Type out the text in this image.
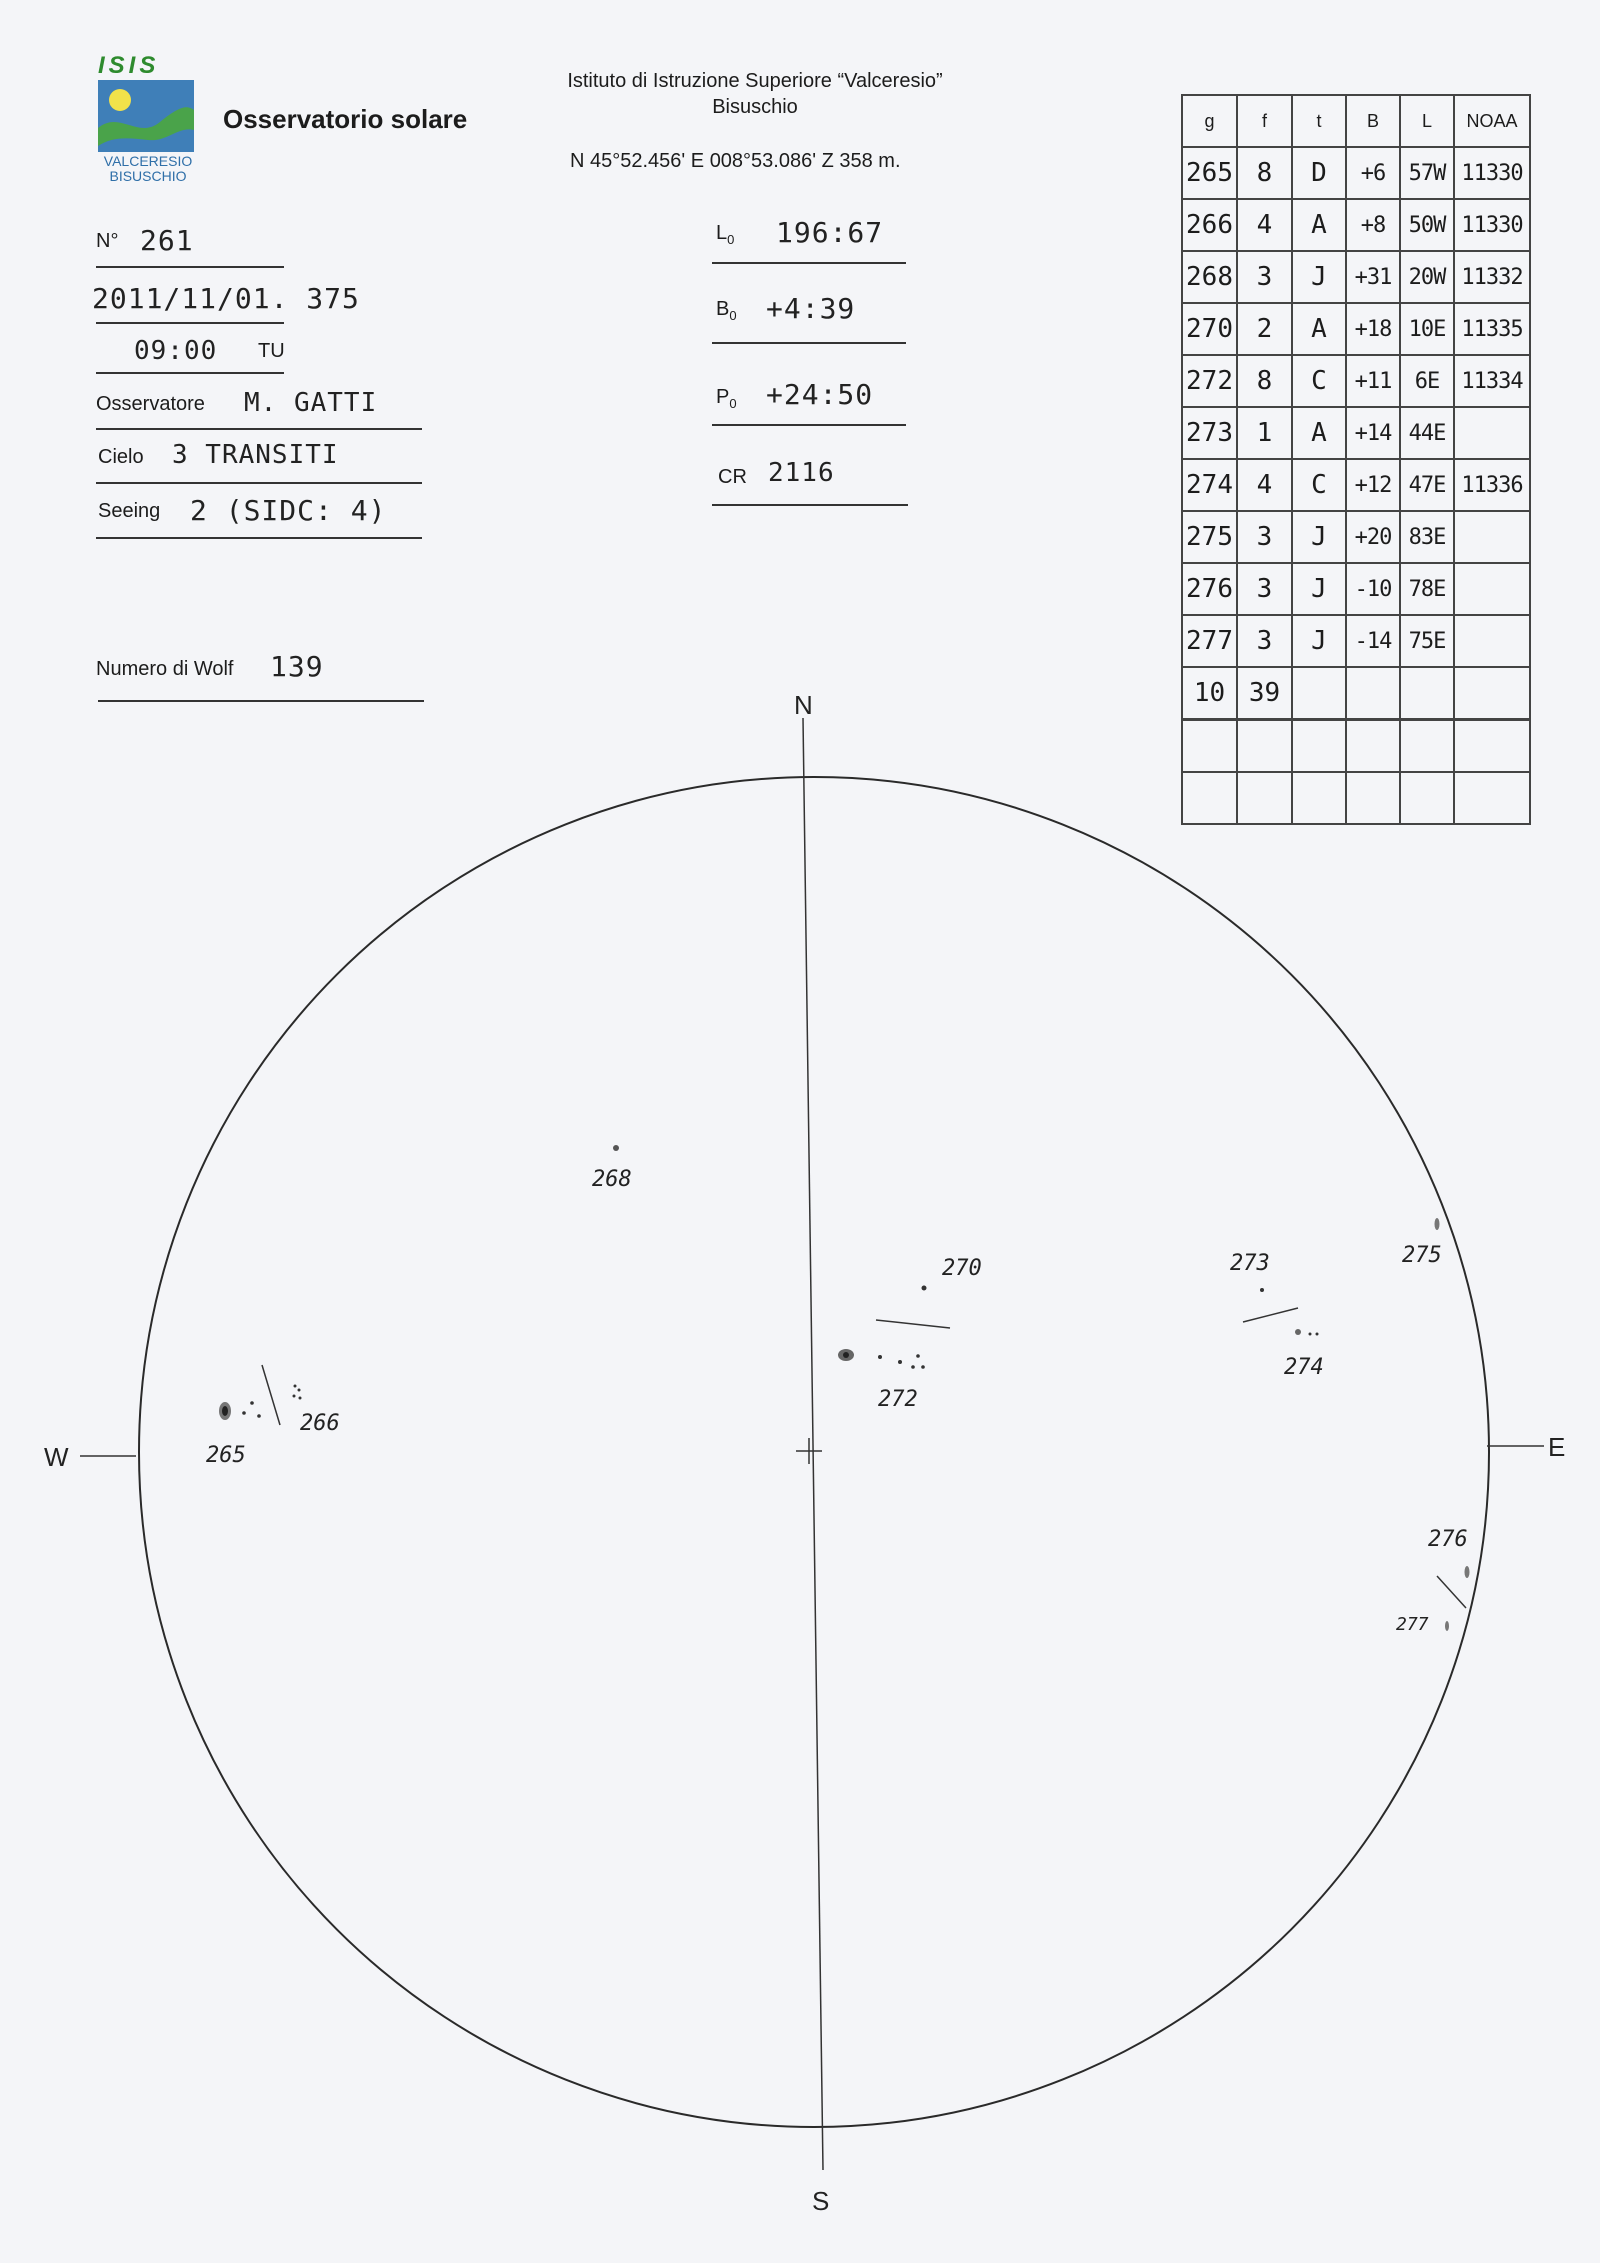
ISIS
VALCERESIO
BISUSCHIO
Osservatorio solare
Istituto di Istruzione Superiore “Valceresio”
Bisuschio
N 45°52.456' E 008°53.086' Z 358 m.
N° 261
2011/11/01. 375
09:00 TU
Osservatore M. GATTI
Cielo 3 TRANSITI
Seeing 2 (SIDC: 4)
Numero di Wolf 139
$L_0$ 196:67
$B_0$ +4:39
$P_0$ +24:50
CR 2116
g	f	t	B	L	NOAA
265	8	D	+6	57W	11330
266	4	A	+8	50W	11330
268	3	J	+31	20W	11332
270	2	A	+18	10E	11335
272	8	C	+11	6E	11334
273	1	A	+14	44E	
274	4	C	+12	47E	11336
275	3	J	+20	83E	
276	3	J	-10	78E	
277	3	J	-14	75E	
10	39				

N
S
W	E
268
270
272
273
274
275
265
266
276
277
